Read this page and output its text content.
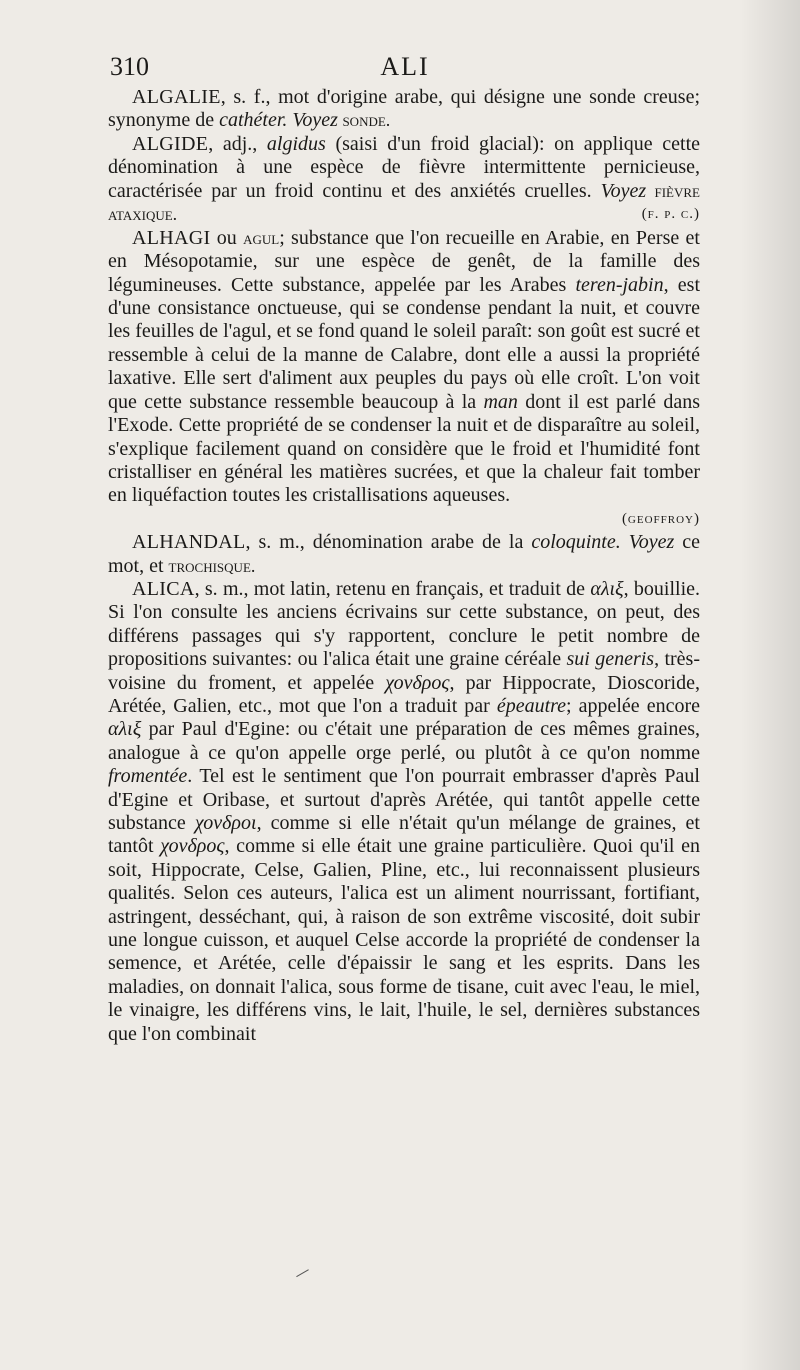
310	ALI

ALGALIE, s. f., mot d'origine arabe, qui désigne une sonde creuse; synonyme de cathéter. Voyez sonde.

ALGIDE, adj., algidus (saisi d'un froid glacial): on applique cette dénomination à une espèce de fièvre intermittente pernicieuse, caractérisée par un froid continu et des anxiétés cruelles. Voyez fièvre ataxique.	(f. p. c.)

ALHAGI ou agul; substance que l'on recueille en Arabie, en Perse et en Mésopotamie, sur une espèce de genêt, de la famille des légumineuses. Cette substance, appelée par les Arabes teren-jabin, est d'une consistance onctueuse, qui se condense pendant la nuit, et couvre les feuilles de l'agul, et se fond quand le soleil paraît: son goût est sucré et ressemble à celui de la manne de Calabre, dont elle a aussi la propriété laxative. Elle sert d'aliment aux peuples du pays où elle croît. L'on voit que cette substance ressemble beaucoup à la man dont il est parlé dans l'Exode. Cette propriété de se condenser la nuit et de disparaître au soleil, s'explique facilement quand on considère que le froid et l'humidité font cristalliser en général les matières sucrées, et que la chaleur fait tomber en liquéfaction toutes les cristallisations aqueuses.

(geoffroy)

ALHANDAL, s. m., dénomination arabe de la coloquinte. Voyez ce mot, et trochisque.

ALICA, s. m., mot latin, retenu en français, et traduit de αλιξ, bouillie. Si l'on consulte les anciens écrivains sur cette substance, on peut, des différens passages qui s'y rapportent, conclure le petit nombre de propositions suivantes: ou l'alica était une graine céréale sui generis, très-voisine du froment, et appelée χονδρος, par Hippocrate, Dioscoride, Arétée, Galien, etc., mot que l'on a traduit par épeautre; appelée encore αλιξ par Paul d'Egine: ou c'était une préparation de ces mêmes graines, analogue à ce qu'on appelle orge perlé, ou plutôt à ce qu'on nomme fromentée. Tel est le sentiment que l'on pourrait embrasser d'après Paul d'Egine et Oribase, et surtout d'après Arétée, qui tantôt appelle cette substance χονδροι, comme si elle n'était qu'un mélange de graines, et tantôt χονδρος, comme si elle était une graine particulière. Quoi qu'il en soit, Hippocrate, Celse, Galien, Pline, etc., lui reconnaissent plusieurs qualités. Selon ces auteurs, l'alica est un aliment nourrissant, fortifiant, astringent, desséchant, qui, à raison de son extrême viscosité, doit subir une longue cuisson, et auquel Celse accorde la propriété de condenser la semence, et Arétée, celle d'épaissir le sang et les esprits. Dans les maladies, on donnait l'alica, sous forme de tisane, cuit avec l'eau, le miel, le vinaigre, les différens vins, le lait, l'huile, le sel, dernières substances que l'on combinait
